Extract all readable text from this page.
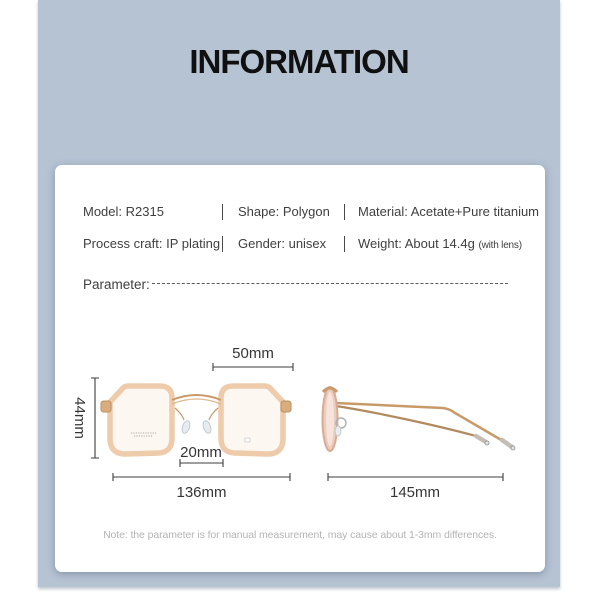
INFORMATION
Model: R2315	Shape: Polygon Material: Acetate+Pure titanium
Process craft: IP plating Gender: unisex Weight: About 14.4g (with lens)
Parameter:
50mm
44mm
20mm
136mm	145mm
Note: the parameter is for manual measurement, may cause about 1-3mm differences.
